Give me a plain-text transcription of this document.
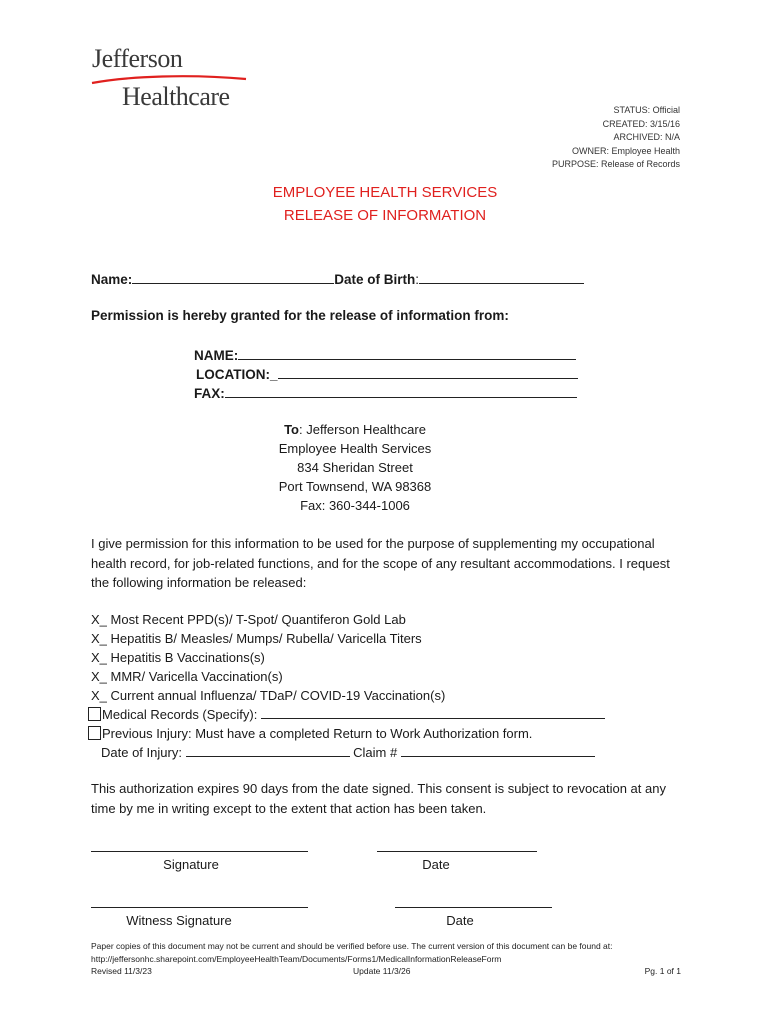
Jefferson
Healthcare	STATUS: Official
CREATED: 3/15/16
ARCHIVED: N/A
OWNER: Employee Health
PURPOSE: Release of Records
EMPLOYEE HEALTH SERVICES
RELEASE OF INFORMATION
Name:	Date of Birth:
Permission is hereby granted for the release of information from:
NAME:
LOCATION:_
FAX:
To: Jefferson Healthcare
Employee Health Services
834 Sheridan Street
Port Townsend, WA 98368
Fax: 360-344-1006
I give permission for this information to be used for the purpose of supplementing my occupational health record, for job-related functions, and for the scope of any resultant accommodations. I request the following information be released:
X_ Most Recent PPD(s)/ T-Spot/ Quantiferon Gold Lab
X_ Hepatitis B/ Measles/ Mumps/ Rubella/ Varicella Titers
X_ Hepatitis B Vaccinations(s)
X_ MMR/ Varicella Vaccination(s)
X_ Current annual Influenza/ TDaP/ COVID-19 Vaccination(s)
Medical Records (Specify):
Previous Injury: Must have a completed Return to Work Authorization form.
Date of Injury:	Claim #
This authorization expires 90 days from the date signed. This consent is subject to revocation at any time by me in writing except to the extent that action has been taken.
Signature	Date
Witness Signature	Date
Paper copies of this document may not be current and should be verified before use. The current version of this document can be found at:
http://jeffersonhc.sharepoint.com/EmployeeHealthTeam/Documents/Forms1/MedicalInformationReleaseForm
Revised 11/3/23	Update 11/3/26	Pg. 1 of 1
